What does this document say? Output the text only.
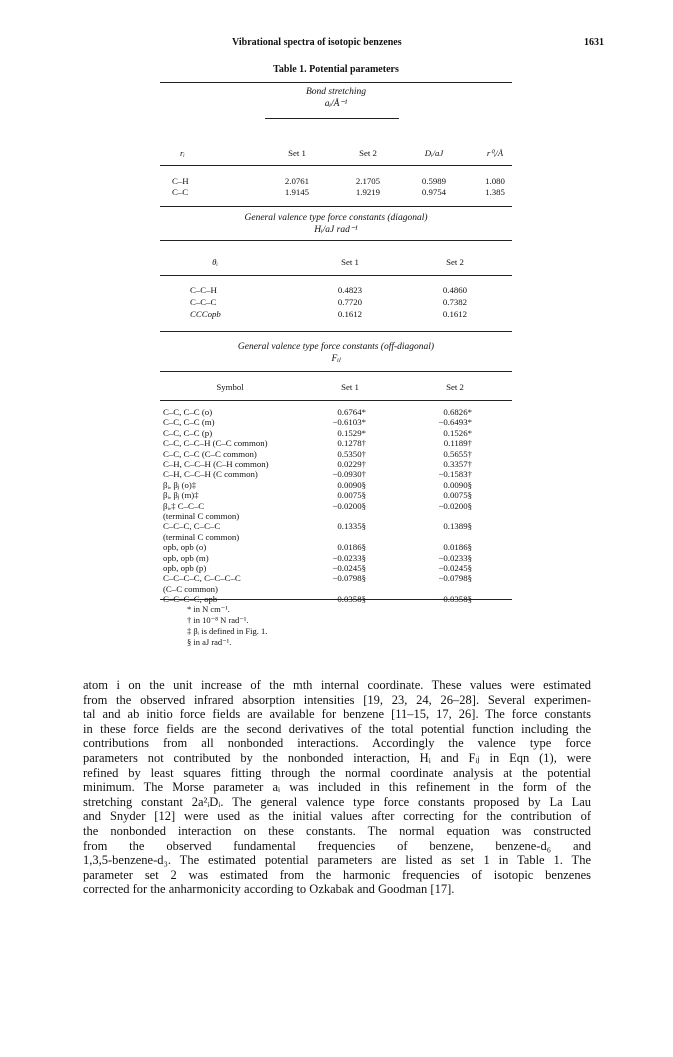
Vibrational spectra of isotopic benzenes	1631
Table 1. Potential parameters
Bond stretching
aᵢ/Å⁻¹
rᵢ	Set 1	Set 2	Dᵢ/aJ	r⁰ᵢ/Å
C–H	2.0761	2.1705	0.5989	1.080
C–C	1.9145	1.9219	0.9754	1.385
General valence type force constants (diagonal)
Hᵢ/aJ rad⁻¹
θᵢ	Set 1	Set 2
C–C–H	0.4823	0.4860
C–C–C	0.7720	0.7382
CCCopb	0.1612	0.1612
General valence type force constants (off-diagonal)
Fᵢⱼ
Symbol	Set 1	Set 2
C–C, C–C (o)	0.6764*	0.6826*
C–C, C–C (m)	−0.6103*	−0.6493*
C–C, C–C (p)	0.1529*	0.1526*
C–C, C–C–H (C–C common)	0.1278†	0.1189†
C–C, C–C (C–C common)	0.5350†	0.5655†
C–H, C–C–H (C–H common)	0.0229†	0.3357†
C–H, C–C–H (C common)	−0.0930†	−0.1583†
βᵢ, βⱼ (o)‡	0.0090§	0.0090§
βᵢ, βⱼ (m)‡	0.0075§	0.0075§
βᵢ,‡ C–C–C	−0.0200§	−0.0200§
(terminal C common)
C–C–C, C–C–C	0.1335§	0.1389§
(terminal C common)
opb, opb (o)	0.0186§	0.0186§
opb, opb (m)	−0.0233§	−0.0233§
opb, opb (p)	−0.0245§	−0.0245§
C–C–C–C, C–C–C–C	−0.0798§	−0.0798§
(C–C common)
C–C–C–C, opb	−0.0358§	−0.0358§
* in N cm⁻¹.
† in 10⁻⁸ N rad⁻¹.
‡ βᵢ is defined in Fig. 1.
§ in aJ rad⁻¹.
atom i on the unit increase of the mth internal coordinate. These values were estimated
from the observed infrared absorption intensities [19, 23, 24, 26–28]. Several experimen-
tal and ab initio force fields are available for benzene [11–15, 17, 26]. The force constants
in these force fields are the second derivatives of the total potential function including the
contributions from all nonbonded interactions. Accordingly the valence type force
parameters not contributed by the nonbonded interaction, Hᵢ and Fᵢⱼ in Eqn (1), were
refined by least squares fitting through the normal coordinate analysis at the potential
minimum. The Morse parameter aᵢ was included in this refinement in the form of the
stretching constant 2a²ᵢDᵢ. The general valence type force constants proposed by La Lau
and Snyder [12] were used as the initial values after correcting for the contribution of
the nonbonded interaction on these constants. The normal equation was constructed
from the observed fundamental frequencies of benzene, benzene-d₆ and
1,3,5-benzene-d₃. The estimated potential parameters are listed as set 1 in Table 1. The
parameter set 2 was estimated from the harmonic frequencies of isotopic benzenes
corrected for the anharmonicity according to Ozkabak and Goodman [17].
